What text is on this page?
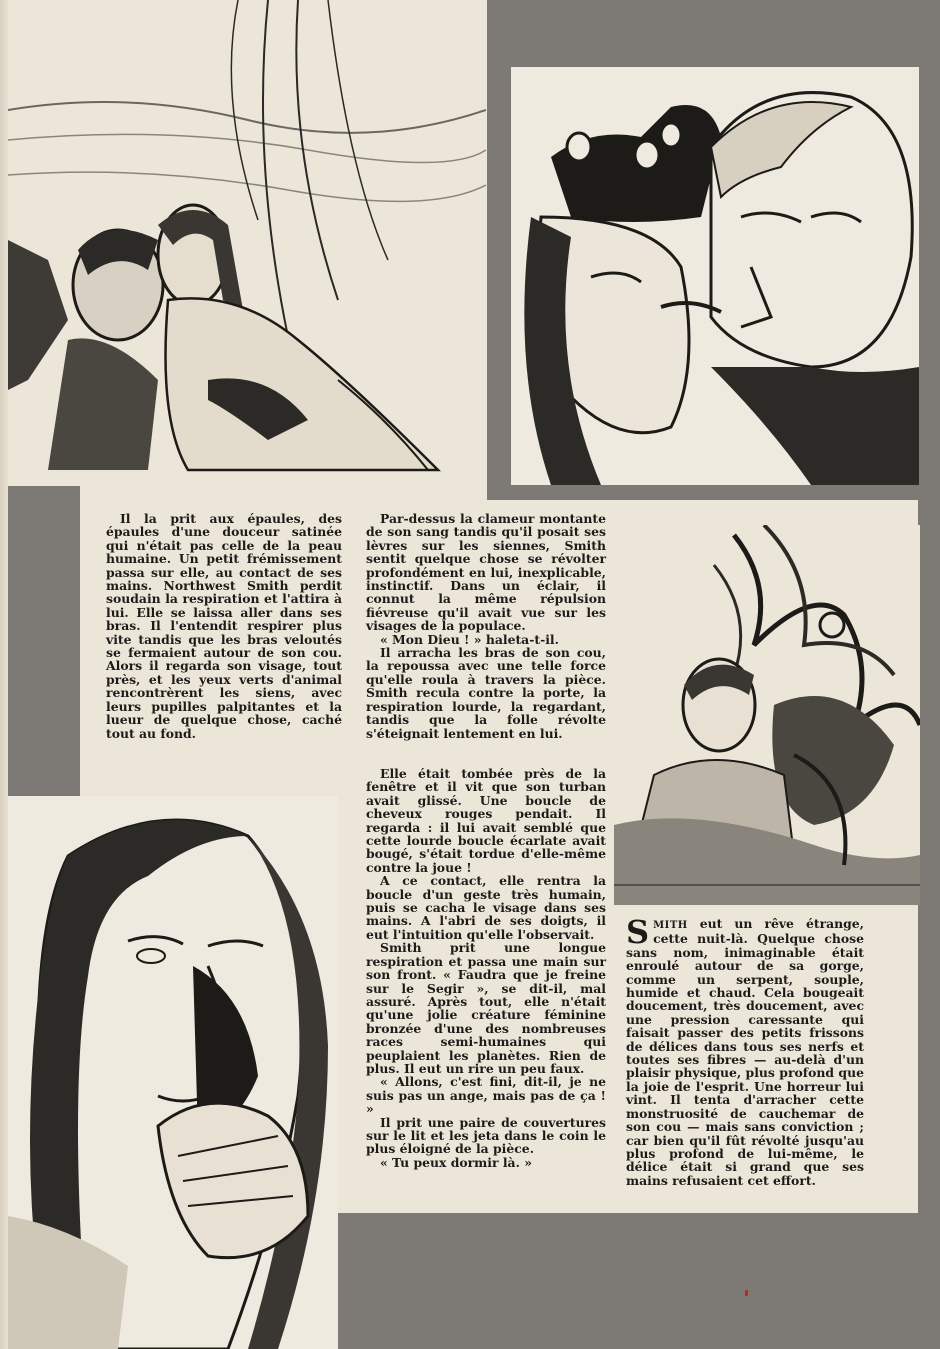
Il la prit aux épaules, des épaules d'une douceur satinée qui n'était pas celle de la peau humaine. Un petit frémissement passa sur elle, au contact de ses mains. Northwest Smith perdit soudain la respiration et l'attira à lui. Elle se laissa aller dans ses bras. Il l'entendit respirer plus vite tandis que les bras veloutés se fermaient autour de son cou. Alors il regarda son visage, tout près, et les yeux verts d'animal rencontrèrent les siens, avec leurs pupilles palpitantes et la lueur de quelque chose, caché tout au fond.

Par-dessus la clameur montante de son sang tandis qu'il posait ses lèvres sur les siennes, Smith sentit quelque chose se révolter profondément en lui, inexplicable, instinctif. Dans un éclair, il connut la même répulsion fiévreuse qu'il avait vue sur les visages de la populace.

« Mon Dieu ! » haleta-t-il.

Il arracha les bras de son cou, la repoussa avec une telle force qu'elle roula à travers la pièce. Smith recula contre la porte, la respiration lourde, la regardant, tandis que la folle révolte s'éteignait lentement en lui.

Elle était tombée près de la fenêtre et il vit que son turban avait glissé. Une boucle de cheveux rouges pendait. Il regarda : il lui avait semblé que cette lourde boucle écarlate avait bougé, s'était tordue d'elle-même contre la joue !

A ce contact, elle rentra la boucle d'un geste très humain, puis se cacha le visage dans ses mains. A l'abri de ses doigts, il eut l'intuition qu'elle l'observait.

Smith prit une longue respiration et passa une main sur son front. « Faudra que je freine sur le Segir », se dit-il, mal assuré. Après tout, elle n'était qu'une jolie créature féminine bronzée d'une des nombreuses races semi-humaines qui peuplaient les planètes. Rien de plus. Il eut un rire un peu faux.

« Allons, c'est fini, dit-il, je ne suis pas un ange, mais pas de ça ! »

Il prit une paire de couvertures sur le lit et les jeta dans le coin le plus éloigné de la pièce.

« Tu peux dormir là. »

SMITH eut un rêve étrange, cette nuit-là. Quelque chose sans nom, inimaginable était enroulé autour de sa gorge, comme un serpent, souple, humide et chaud. Cela bougeait doucement, très doucement, avec une pression caressante qui faisait passer des petits frissons de délices dans tous ses nerfs et toutes ses fibres — au-delà d'un plaisir physique, plus profond que la joie de l'esprit. Une horreur lui vint. Il tenta d'arracher cette monstruosité de cauchemar de son cou — mais sans conviction ; car bien qu'il fût révolté jusqu'au plus profond de lui-même, le délice était si grand que ses mains refusaient cet effort.
